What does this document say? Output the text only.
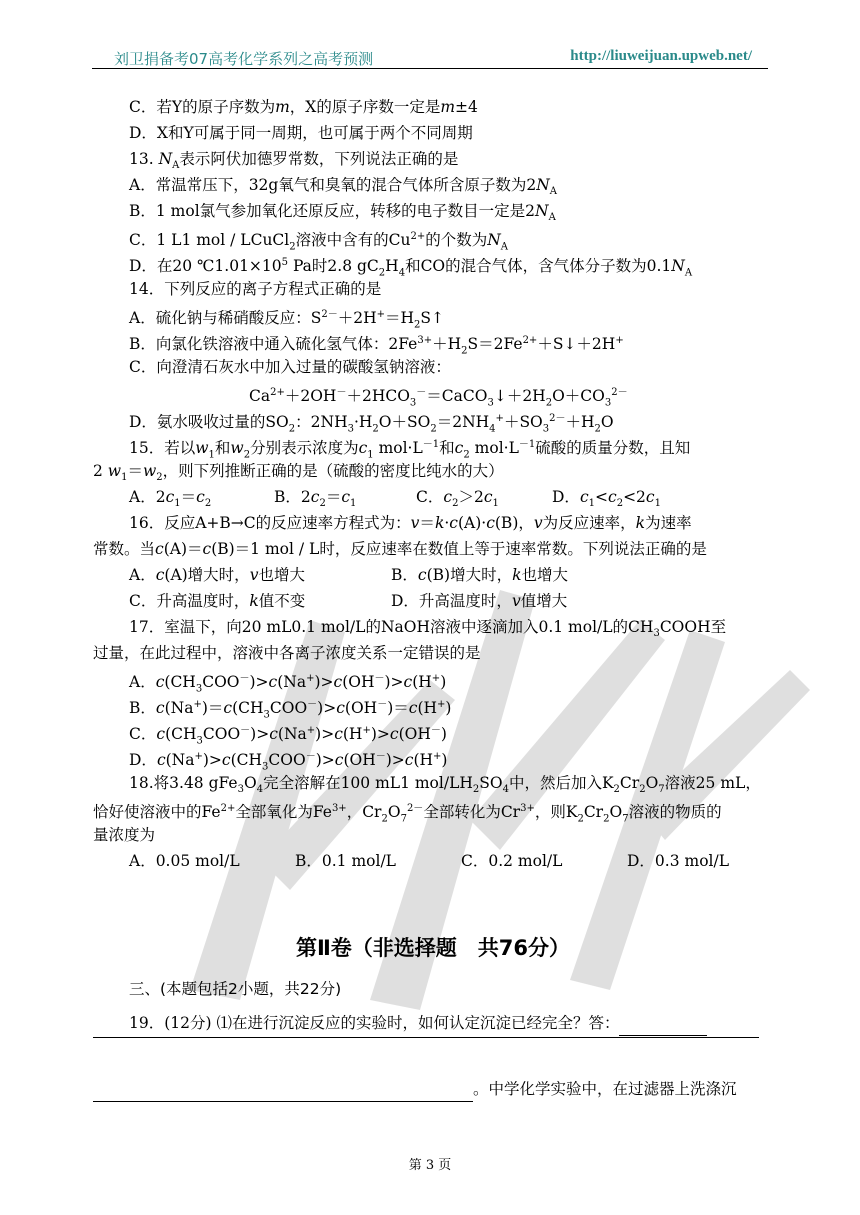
刘卫捐备考07高考化学系列之高考预测	http://liuweijuan.upweb.net/
C．若Y的原子序数为m，X的原子序数一定是m±4
D．X和Y可属于同一周期，也可属于两个不同周期
13. $N_A$表示阿伏加德罗常数，下列说法正确的是
A．常温常压下，32g氧气和臭氧的混合气体所含原子数为$2N_A$
B．1 mol氯气参加氧化还原反应，转移的电子数目一定是$2N_A$
C．1 L1 mol / LCuCl$_2$溶液中含有的$Cu^{2+}$的个数为$N_A$
D．在20 $℃1.01\times 10^5$ Pa时2.8 $gC_2H_4$和CO的混合气体，含气体分子数为$0.1N_A$
14．下列反应的离子方程式正确的是
A．硫化钠与稀硝酸反应：$S^{2-}+2H^+=H_2S↑$
B．向氯化铁溶液中通入硫化氢气体：$2Fe^{3+}+H_2S=2Fe^{2+}+S↓+2H^+$
C．向澄清石灰水中加入过量的碳酸氢钠溶液：
$Ca^{2+}+2OH^-+2HCO_3^-=CaCO_3↓+2H_2O+CO_3^{2-}$
D．氨水吸收过量的$SO_2$：$2NH_3\cdot H_2O+SO_2=2NH_4^++SO_3^{2-}+H_2O$
15．若以$w_1$和$w_2$分别表示浓度为$c_1$ $mol\cdot L^{-1}$和$c_2$ $mol\cdot L^{-1}$硫酸的质量分数，且知
2 $w_1=w_2$，则下列推断正确的是（硫酸的密度比纯水的大）
A．$2c_1=c_2$	B．$2c_2=c_1$	C．$c_2>2c_1$	D．$c_1<c_2<2c_1$
16．反应A+B→C的反应速率方程式为：v＝k·c(A)·c(B)，v为反应速率，k为速率
常数。当c(A)＝c(B)＝1 mol / L时，反应速率在数值上等于速率常数。下列说法正确的是
A．c(A)增大时，v也增大	B．c(B)增大时，k也增大
C．升高温度时，k值不变	D．升高温度时，v值增大
17．室温下，向20 mL0.1 mol/L的NaOH溶液中逐滴加入0.1 mol/L的$CH_3COOH$至
过量，在此过程中，溶液中各离子浓度关系一定错误的是
A．$c(CH_3COO^-)>c(Na^+)>c(OH^-)>c(H^+)$
B．$c(Na^+)=c(CH_3COO^-)>c(OH^-)=c(H^+)$
C．$c(CH_3COO^-)>c(Na^+)>c(H^+)>c(OH^-)$
D．$c(Na^+)>c(CH_3COO^-)>c(OH^-)>c(H^+)$
18.将3.48 $gFe_3O_4$完全溶解在100 mL1 mol/$LH_2SO_4$中，然后加入$K_2Cr_2O_7$溶液25 mL，
恰好使溶液中的$Fe^{2+}$全部氧化为$Fe^{3+}$，$Cr_2O_7^{2-}$全部转化为$Cr^{3+}$，则$K_2Cr_2O_7$溶液的物质的
量浓度为
A．0.05 mol/L	B．0.1 mol/L	C．0.2 mol/L	D．0.3 mol/L
第Ⅱ卷（非选择题　共76分）
三、(本题包括2小题，共22分)
19．(12分) ⑴在进行沉淀反应的实验时，如何认定沉淀已经完全？答：
。中学化学实验中，在过滤器上洗涤沉
第 3 页
